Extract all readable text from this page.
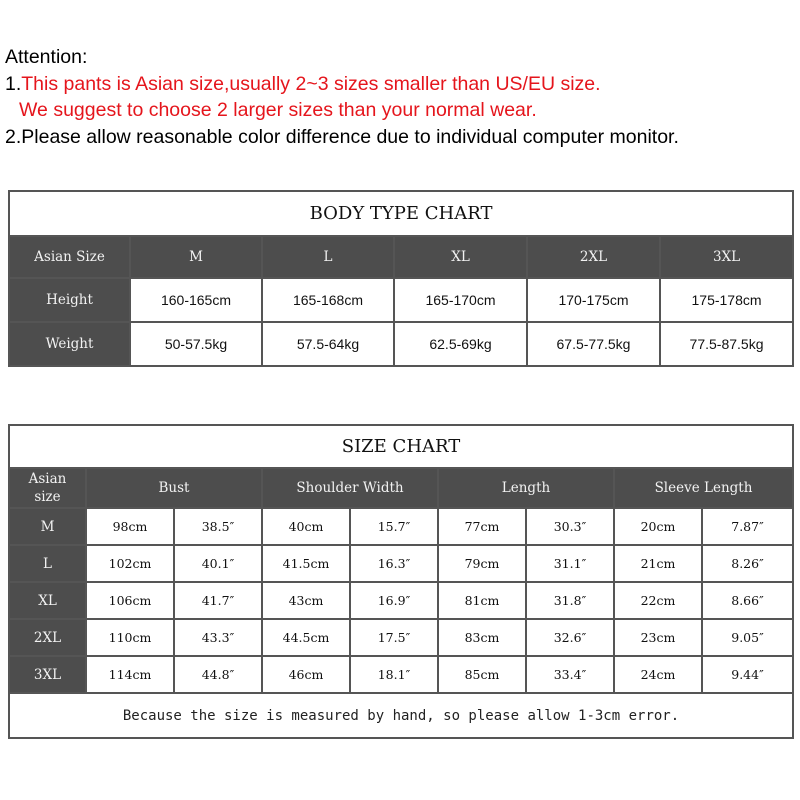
Attention:
1.This pants is Asian size,usually 2~3 sizes smaller than US/EU size.
We suggest to choose 2 larger sizes than your normal wear.
2.Please allow reasonable color difference due to individual computer monitor.
BODY TYPE CHART					
Asian Size	M	L	XL	2XL	3XL
Height	160-165cm	165-168cm	165-170cm	170-175cm	175-178cm
Weight	50-57.5kg	57.5-64kg	62.5-69kg	67.5-77.5kg	77.5-87.5kg
SIZE CHART								
Asian
size	Bust		Shoulder Width		Length		Sleeve Length	
M	98cm	38.5″	40cm	15.7″	77cm	30.3″	20cm	7.87″
L	102cm	40.1″	41.5cm	16.3″	79cm	31.1″	21cm	8.26″
XL	106cm	41.7″	43cm	16.9″	81cm	31.8″	22cm	8.66″
2XL	110cm	43.3″	44.5cm	17.5″	83cm	32.6″	23cm	9.05″
3XL	114cm	44.8″	46cm	18.1″	85cm	33.4″	24cm	9.44″
Because the size is measured by hand, so please allow 1-3cm error.								
